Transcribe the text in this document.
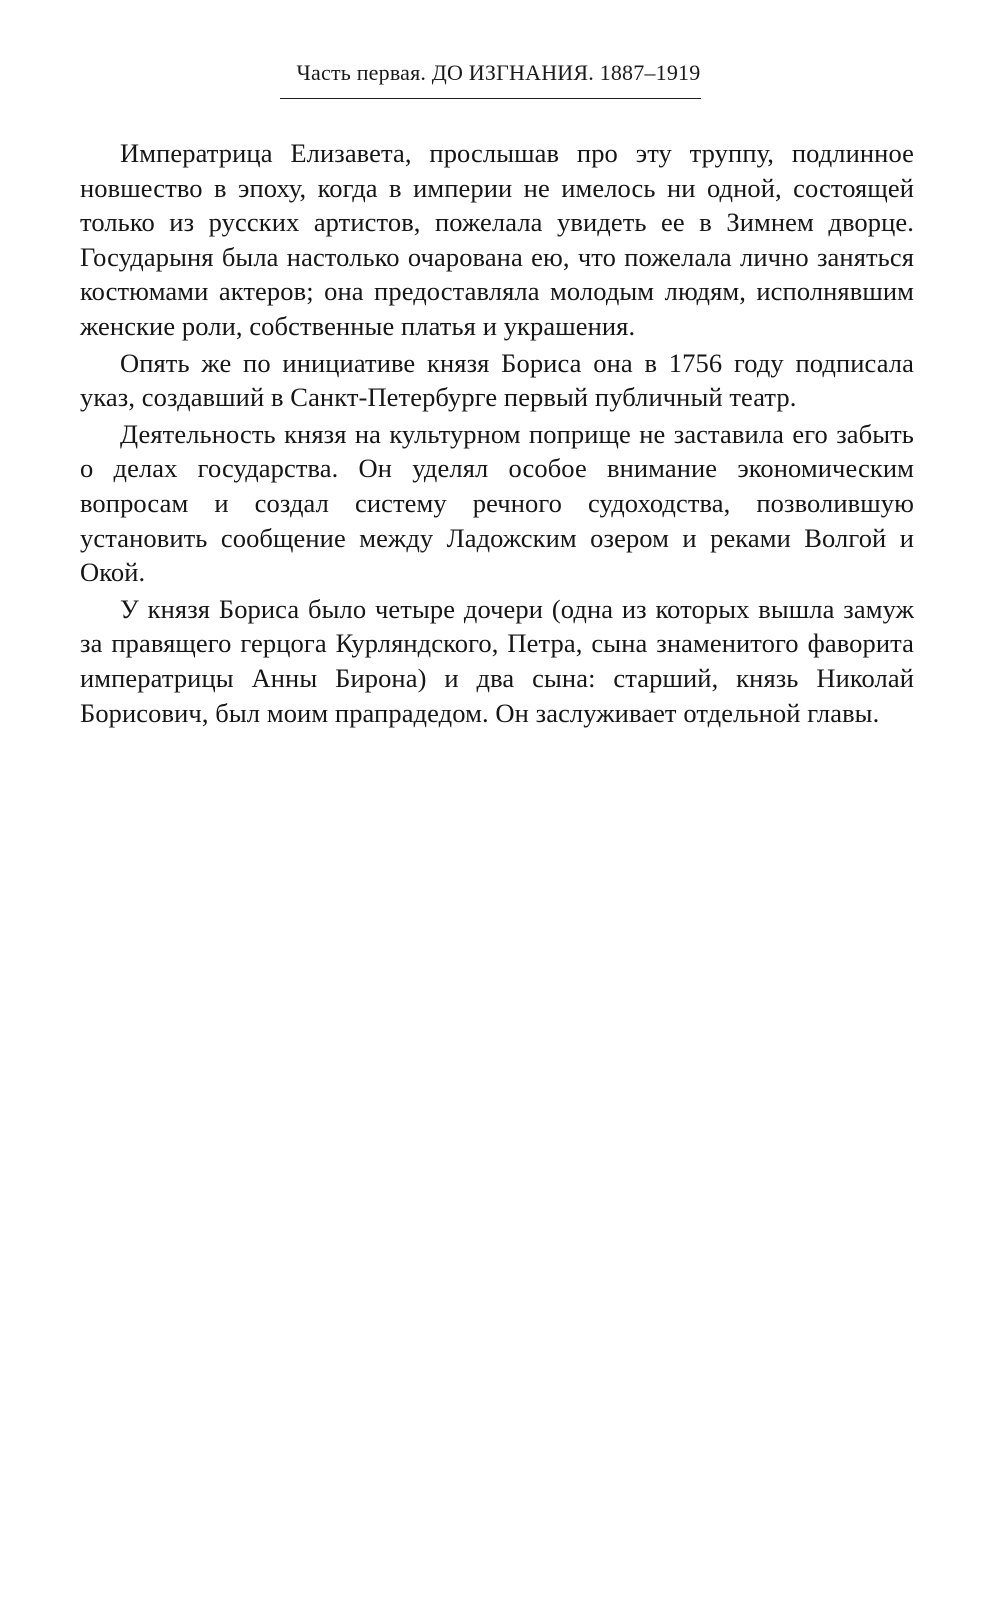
Часть первая. ДО ИЗГНАНИЯ. 1887–1919

Императрица Елизавета, прослышав про эту труппу, подлинное новшество в эпоху, когда в империи не имелось ни одной, состоящей только из русских артистов, пожелала увидеть ее в Зимнем дворце. Государыня была настолько очарована ею, что пожелала лично заняться костюмами актеров; она предоставляла молодым людям, исполнявшим женские роли, собственные платья и украшения.

Опять же по инициативе князя Бориса она в 1756 году подписала указ, создавший в Санкт-Петербурге первый публичный театр.

Деятельность князя на культурном поприще не заставила его забыть о делах государства. Он уделял особое внимание экономическим вопросам и создал систему речного судоходства, позволившую установить сообщение между Ладожским озером и реками Волгой и Окой.

У князя Бориса было четыре дочери (одна из которых вышла замуж за правящего герцога Курляндского, Петра, сына знаменитого фаворита императрицы Анны Бирона) и два сына: старший, князь Николай Борисович, был моим прапрадедом. Он заслуживает отдельной главы.
